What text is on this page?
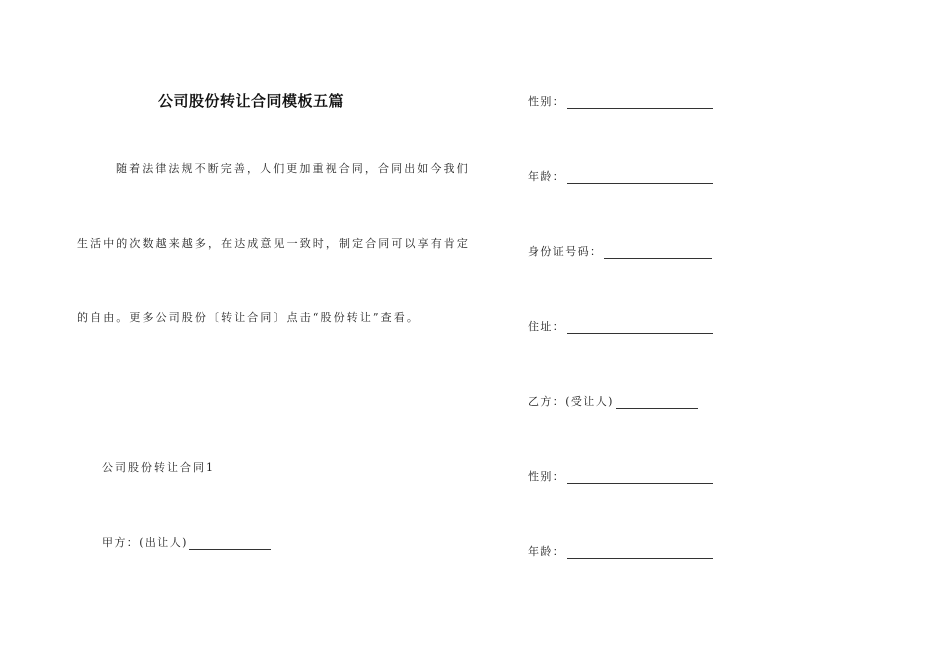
公司股份转让合同模板五篇
随着法律法规不断完善，人们更加重视合同，合同出如今我们
生活中的次数越来越多，在达成意见一致时，制定合同可以享有肯定
的自由。更多公司股份〔转让合同〕点击“股份转让”查看。
公司股份转让合同1
甲方：(出让人)
性别：
年龄：
身份证号码：
住址：
乙方：(受让人)
性别：
年龄：
